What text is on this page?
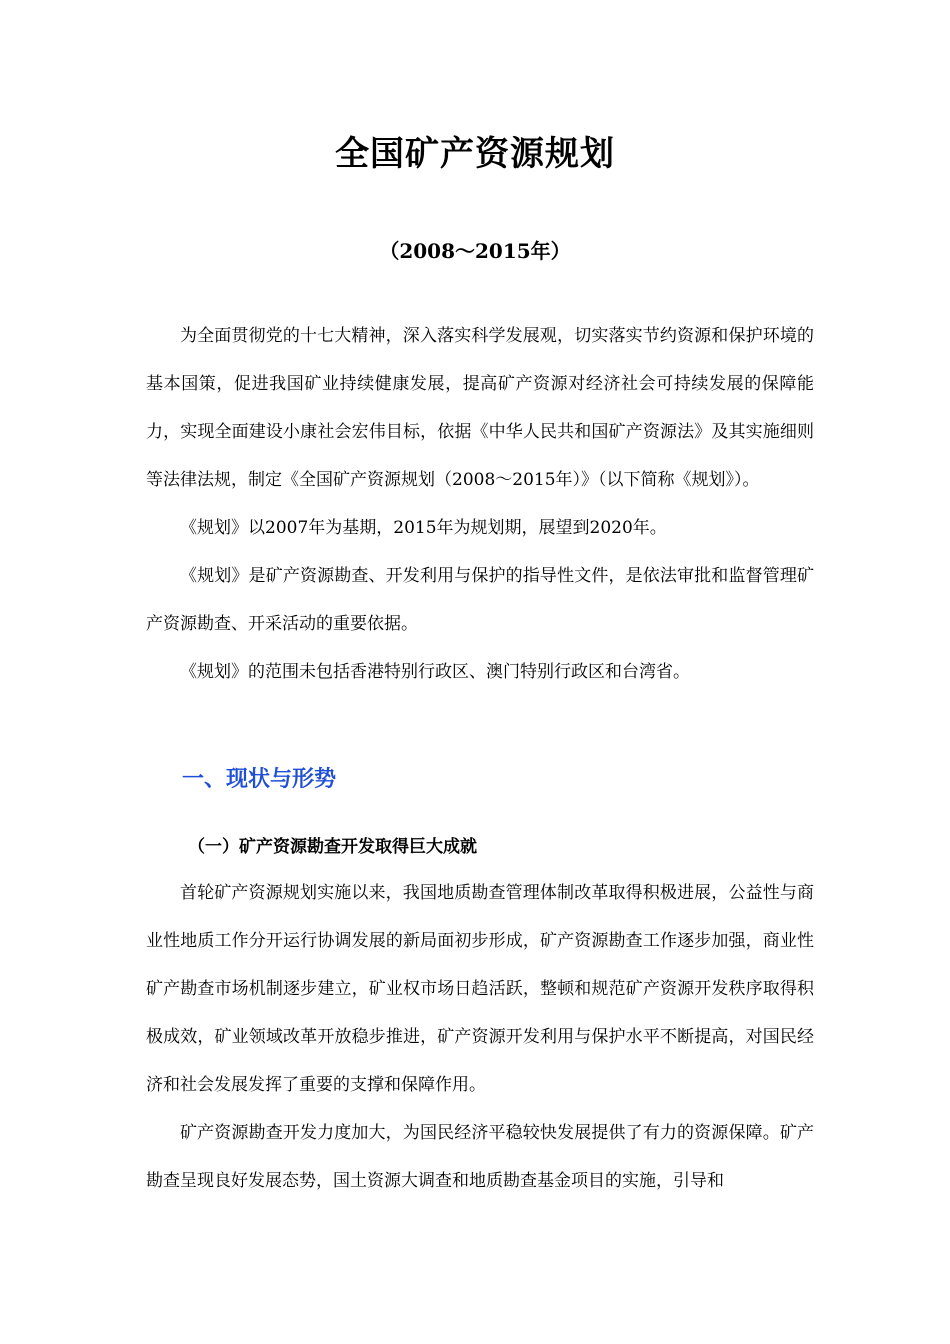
全国矿产资源规划
（2008～2015年）

为全面贯彻党的十七大精神，深入落实科学发展观，切实落实节约资源和保护环境的基本国策，促进我国矿业持续健康发展，提高矿产资源对经济社会可持续发展的保障能力，实现全面建设小康社会宏伟目标，依据《中华人民共和国矿产资源法》及其实施细则等法律法规，制定《全国矿产资源规划（2008～2015年）》（以下简称《规划》）。

《规划》以2007年为基期，2015年为规划期，展望到2020年。

《规划》是矿产资源勘查、开发利用与保护的指导性文件，是依法审批和监督管理矿产资源勘查、开采活动的重要依据。

《规划》的范围未包括香港特别行政区、澳门特别行政区和台湾省。

一、现状与形势
（一）矿产资源勘查开发取得巨大成就

首轮矿产资源规划实施以来，我国地质勘查管理体制改革取得积极进展，公益性与商业性地质工作分开运行协调发展的新局面初步形成，矿产资源勘查工作逐步加强，商业性矿产勘查市场机制逐步建立，矿业权市场日趋活跃，整顿和规范矿产资源开发秩序取得积极成效，矿业领域改革开放稳步推进，矿产资源开发利用与保护水平不断提高，对国民经济和社会发展发挥了重要的支撑和保障作用。

矿产资源勘查开发力度加大，为国民经济平稳较快发展提供了有力的资源保障。矿产勘查呈现良好发展态势，国土资源大调查和地质勘查基金项目的实施，引导和
